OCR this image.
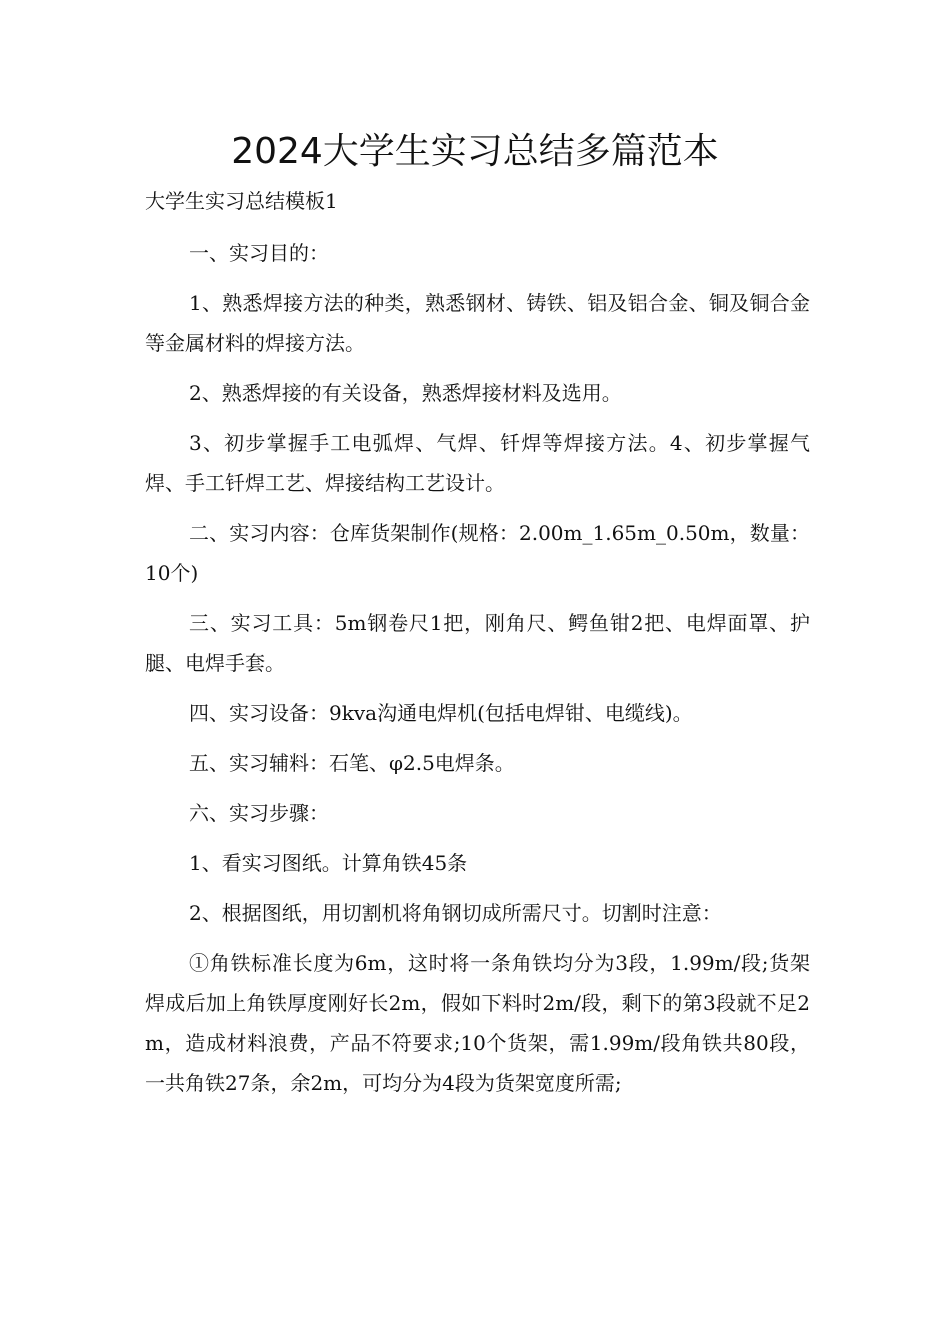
2024大学生实习总结多篇范本

大学生实习总结模板1

一、实习目的：

1、熟悉焊接方法的种类，熟悉钢材、铸铁、铝及铝合金、铜及铜合金等金属材料的焊接方法。

2、熟悉焊接的有关设备，熟悉焊接材料及选用。

3、初步掌握手工电弧焊、气焊、钎焊等焊接方法。4、初步掌握气焊、手工钎焊工艺、焊接结构工艺设计。

二、实习内容：仓库货架制作(规格：2.00m_1.65m_0.50m，数量：10个)

三、实习工具：5m钢卷尺1把，刚角尺、鳄鱼钳2把、电焊面罩、护腿、电焊手套。

四、实习设备：9kva沟通电焊机(包括电焊钳、电缆线)。

五、实习辅料：石笔、φ2.5电焊条。

六、实习步骤：

1、看实习图纸。计算角铁45条

2、根据图纸，用切割机将角钢切成所需尺寸。切割时注意：

①角铁标准长度为6m，这时将一条角铁均分为3段，1.99m/段;货架焊成后加上角铁厚度刚好长2m，假如下料时2m/段，剩下的第3段就不足2m，造成材料浪费，产品不符要求;10个货架，需1.99m/段角铁共80段，一共角铁27条，余2m，可均分为4段为货架宽度所需;
